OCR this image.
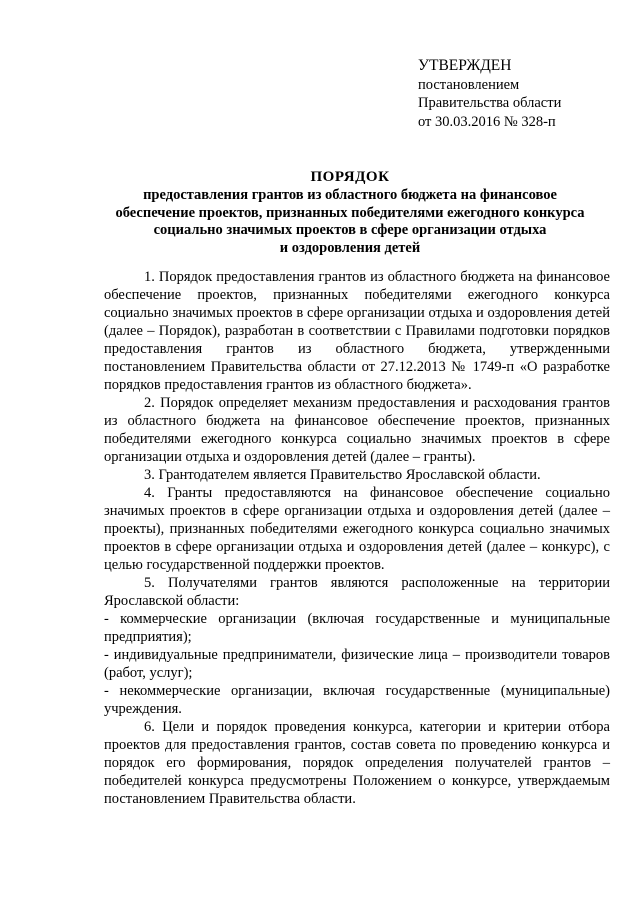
УТВЕРЖДЕН
постановлением
Правительства области
от 30.03.2016 № 328-п
ПОРЯДОК
предоставления грантов из областного бюджета на финансовое
обеспечение проектов, признанных победителями ежегодного конкурса
социально значимых проектов в сфере организации отдыха
и оздоровления детей

1. Порядок предоставления грантов из областного бюджета на финансовое обеспечение проектов, признанных победителями ежегодного конкурса социально значимых проектов в сфере организации отдыха и оздоровления детей (далее – Порядок), разработан в соответствии с Правилами подготовки порядков предоставления грантов из областного бюджета, утвержденными постановлением Правительства области от 27.12.2013 № 1749-п «О разработке порядков предоставления грантов из областного бюджета».

2. Порядок определяет механизм предоставления и расходования грантов из областного бюджета на финансовое обеспечение проектов, признанных победителями ежегодного конкурса социально значимых проектов в сфере организации отдыха и оздоровления детей (далее – гранты).

3. Грантодателем является Правительство Ярославской области.

4. Гранты предоставляются на финансовое обеспечение социально значимых проектов в сфере организации отдыха и оздоровления детей (далее – проекты), признанных победителями ежегодного конкурса социально значимых проектов в сфере организации отдыха и оздоровления детей (далее – конкурс), с целью государственной поддержки проектов.

5. Получателями грантов являются расположенные на территории Ярославской области:

- коммерческие организации (включая государственные и муниципальные предприятия);

- индивидуальные предприниматели, физические лица – производители товаров (работ, услуг);

- некоммерческие организации, включая государственные (муниципальные) учреждения.

6. Цели и порядок проведения конкурса, категории и критерии отбора проектов для предоставления грантов, состав совета по проведению конкурса и порядок его формирования, порядок определения получателей грантов – победителей конкурса предусмотрены Положением о конкурсе, утверждаемым постановлением Правительства области.
